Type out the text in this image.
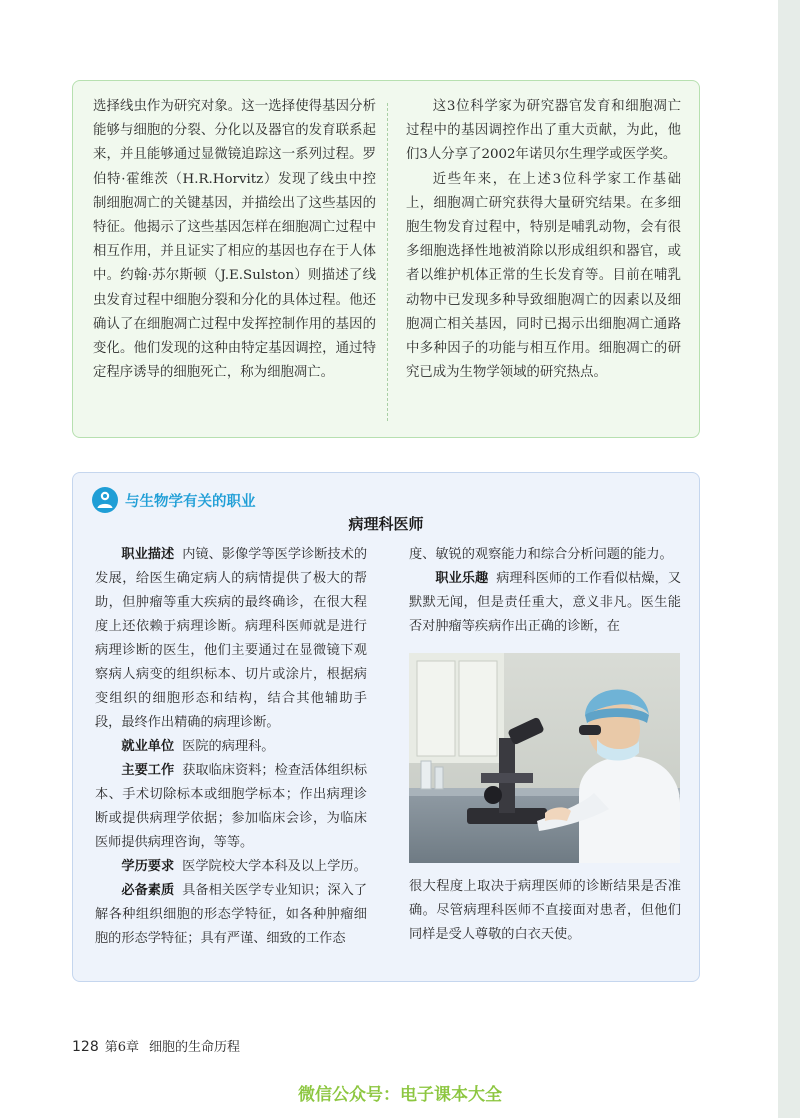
选择线虫作为研究对象。这一选择使得基因分析能够与细胞的分裂、分化以及器官的发育联系起来，并且能够通过显微镜追踪这一系列过程。罗伯特·霍维茨（H.R.Horvitz）发现了线虫中控制细胞凋亡的关键基因，并描绘出了这些基因的特征。他揭示了这些基因怎样在细胞凋亡过程中相互作用，并且证实了相应的基因也存在于人体中。约翰·苏尔斯顿（J.E.Sulston）则描述了线虫发育过程中细胞分裂和分化的具体过程。他还确认了在细胞凋亡过程中发挥控制作用的基因的变化。他们发现的这种由特定基因调控，通过特定程序诱导的细胞死亡，称为细胞凋亡。

这3位科学家为研究器官发育和细胞凋亡过程中的基因调控作出了重大贡献，为此，他们3人分享了2002年诺贝尔生理学或医学奖。

近些年来，在上述3位科学家工作基础上，细胞凋亡研究获得大量研究结果。在多细胞生物发育过程中，特别是哺乳动物，会有很多细胞选择性地被消除以形成组织和器官，或者以维护机体正常的生长发育等。目前在哺乳动物中已发现多种导致细胞凋亡的因素以及细胞凋亡相关基因，同时已揭示出细胞凋亡通路中多种因子的功能与相互作用。细胞凋亡的研究已成为生物学领域的研究热点。

与生物学有关的职业
病理科医师

职业描述 内镜、影像学等医学诊断技术的发展，给医生确定病人的病情提供了极大的帮助，但肿瘤等重大疾病的最终确诊，在很大程度上还依赖于病理诊断。病理科医师就是进行病理诊断的医生，他们主要通过在显微镜下观察病人病变的组织标本、切片或涂片，根据病变组织的细胞形态和结构，结合其他辅助手段，最终作出精确的病理诊断。

就业单位 医院的病理科。

主要工作 获取临床资料；检查活体组织标本、手术切除标本或细胞学标本；作出病理诊断或提供病理学依据；参加临床会诊，为临床医师提供病理咨询，等等。

学历要求 医学院校大学本科及以上学历。

必备素质 具备相关医学专业知识；深入了解各种组织细胞的形态学特征，如各种肿瘤细胞的形态学特征；具有严谨、细致的工作态

度、敏锐的观察能力和综合分析问题的能力。

职业乐趣 病理科医师的工作看似枯燥，又默默无闻，但是责任重大，意义非凡。医生能否对肿瘤等疾病作出正确的诊断，在

很大程度上取决于病理医师的诊断结果是否准确。尽管病理科医师不直接面对患者，但他们同样是受人尊敬的白衣天使。

128 第6章 细胞的生命历程
微信公众号：电子课本大全
